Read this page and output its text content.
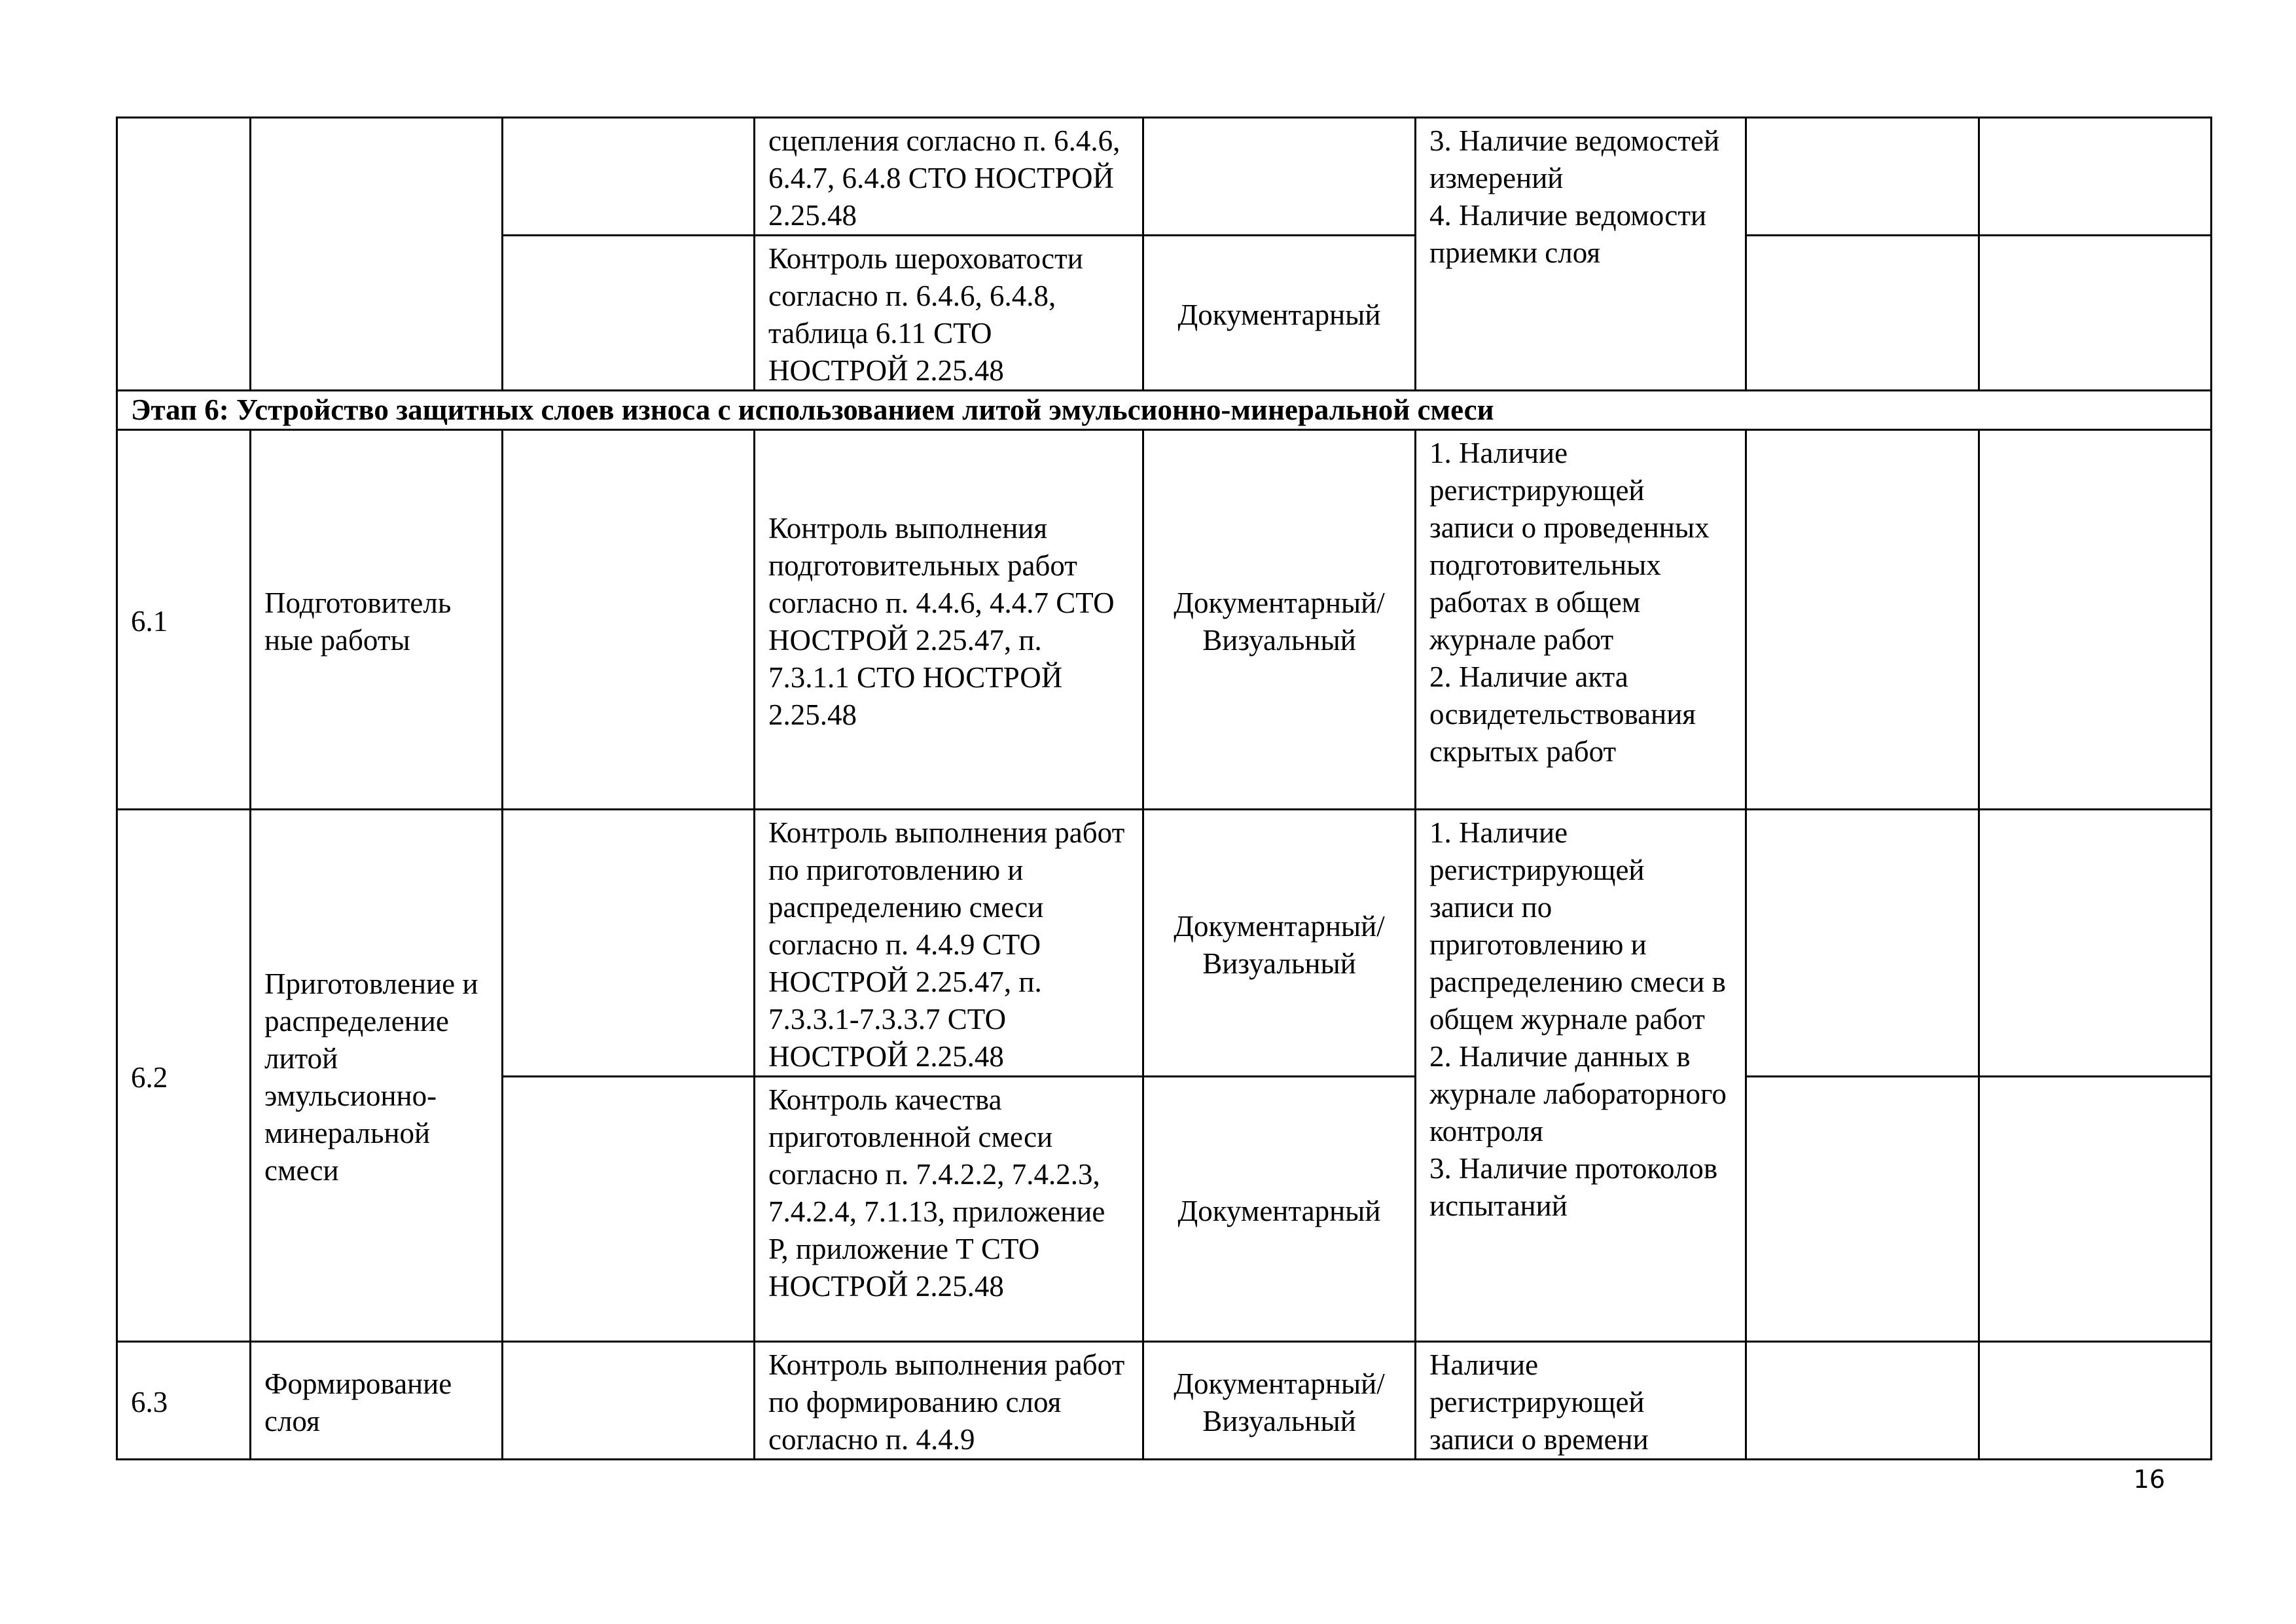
			сцепления согласно п. 6.4.6, 6.4.7, 6.4.8 СТО НОСТРОЙ 2.25.48		3. Наличие ведомостей измерений
4. Наличие ведомости приемки слоя		
			Контроль шероховатости согласно п. 6.4.6, 6.4.8, таблица 6.11 СТО НОСТРОЙ 2.25.48	Документарный			
Этап 6: Устройство защитных слоев износа с использованием литой эмульсионно-минеральной смеси							
6.1	Подготовитель ные работы		Контроль выполнения подготовительных работ согласно п. 4.4.6, 4.4.7 СТО НОСТРОЙ 2.25.47, п. 7.3.1.1 СТО НОСТРОЙ 2.25.48	Документарный/ Визуальный	1. Наличие регистрирующей записи о проведенных подготовительных работах в общем журнале работ
2. Наличие акта освидетельствования скрытых работ		
6.2	Приготовление и распределение литой эмульсионно-минеральной смеси		Контроль выполнения работ по приготовлению и распределению смеси согласно п. 4.4.9 СТО НОСТРОЙ 2.25.47, п. 7.3.3.1-7.3.3.7 СТО НОСТРОЙ 2.25.48	Документарный/ Визуальный	1. Наличие регистрирующей записи по приготовлению и распределению смеси в общем журнале работ
2. Наличие данных в журнале лабораторного контроля
3. Наличие протоколов испытаний		
			Контроль качества приготовленной смеси согласно п. 7.4.2.2, 7.4.2.3, 7.4.2.4, 7.1.13, приложение Р, приложение Т СТО НОСТРОЙ 2.25.48	Документарный			
6.3	Формирование слоя		Контроль выполнения работ по формированию слоя согласно п. 4.4.9	Документарный/ Визуальный	Наличие регистрирующей записи о времени		
16
